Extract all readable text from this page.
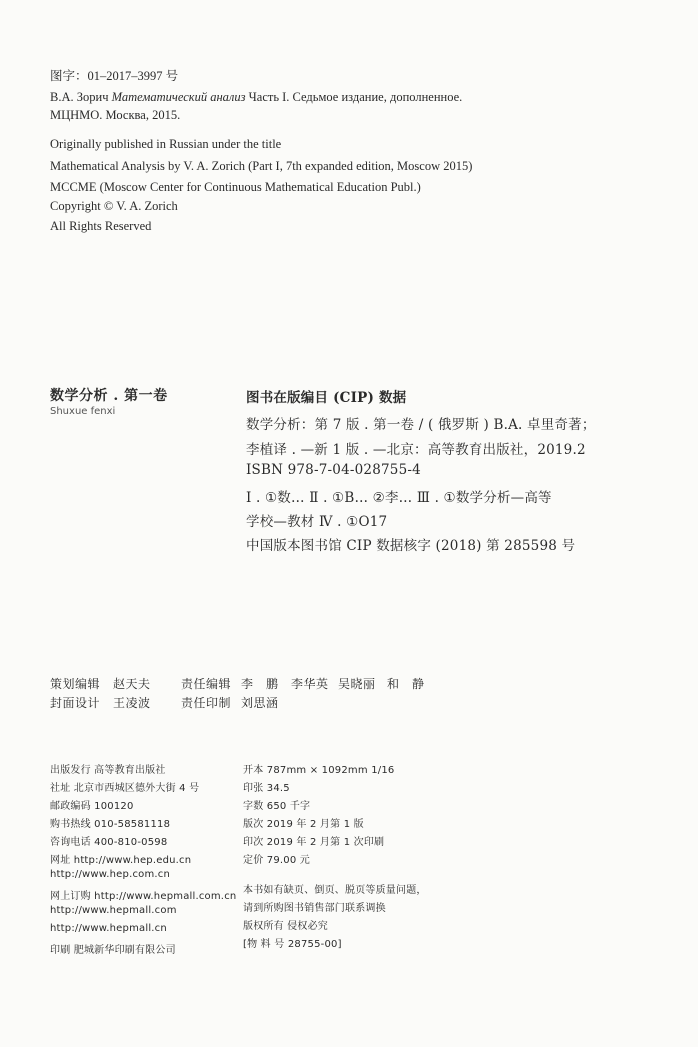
图字：01–2017–3997 号
В.А. Зорич Математический анализ Часть I. Седьмое издание, дополненное.
МЦНМО. Москва, 2015.
Originally published in Russian under the title
Mathematical Analysis by V. A. Zorich (Part I, 7th expanded edition, Moscow 2015)
MCCME (Moscow Center for Continuous Mathematical Education Publ.)
Copyright © V. A. Zorich
All Rights Reserved
数学分析 . 第一卷
Shuxue fenxi
图书在版编目 (CIP) 数据
数学分析：第 7 版 . 第一卷 / ( 俄罗斯 ) B.A. 卓里奇著；
李植译 . —新 1 版 . —北京：高等教育出版社，2019.2
ISBN 978-7-04-028755-4
Ⅰ . ①数… Ⅱ . ①B… ②李… Ⅲ . ①数学分析—高等
学校—教材 Ⅳ . ①O17
中国版本图书馆 CIP 数据核字 (2018) 第 285598 号
策划编辑 赵天夫	责任编辑 李　鹏 李华英 吴晓丽 和　静
封面设计 王凌波	责任印制 刘思涵
出版发行 高等教育出版社
社址 北京市西城区德外大街 4 号
邮政编码 100120
购书热线 010-58581118
咨询电话 400-810-0598
网址 http://www.hep.edu.cn
http://www.hep.com.cn
网上订购 http://www.hepmall.com.cn
http://www.hepmall.com
http://www.hepmall.cn
印刷 肥城新华印刷有限公司
开本 787mm × 1092mm 1/16
印张 34.5
字数 650 千字
版次 2019 年 2 月第 1 版
印次 2019 年 2 月第 1 次印刷
定价 79.00 元
本书如有缺页、倒页、脱页等质量问题，
请到所购图书销售部门联系调换
版权所有 侵权必究
[物 料 号 28755-00]
